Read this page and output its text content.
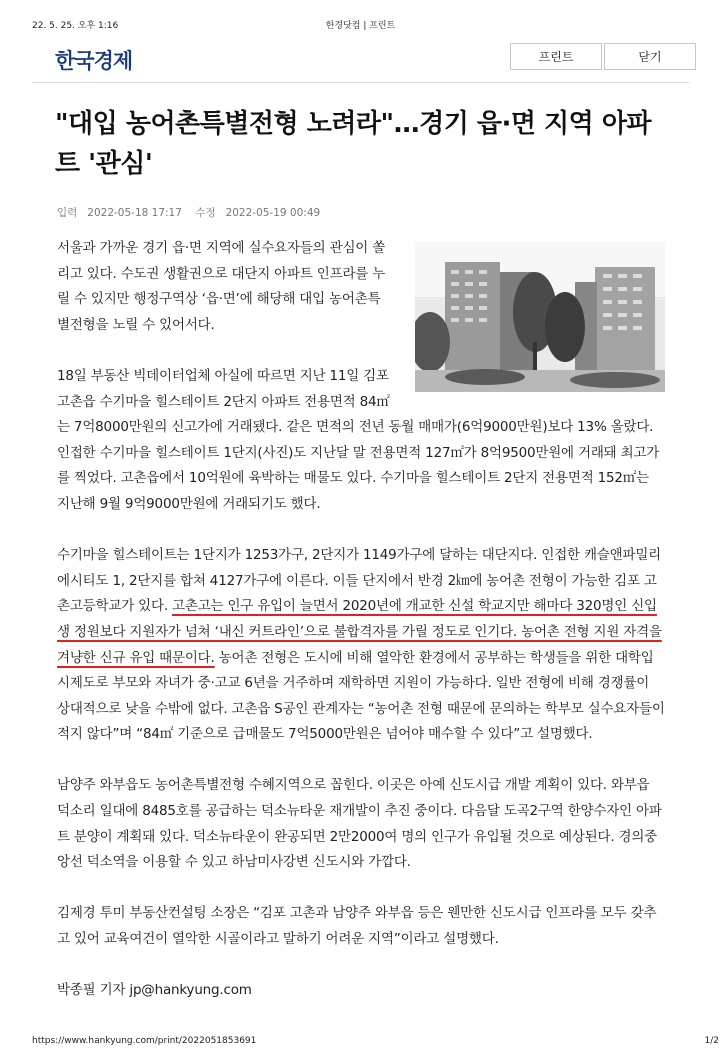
22. 5. 25. 오후 1:16	한경닷컴 | 프린트
한국경제	프린트	닫기
"대입 농어촌특별전형 노려라"…경기 읍·면 지역 아파트 '관심'
입력 2022-05-18 17:17 수정 2022-05-19 00:49

서울과 가까운 경기 읍·면 지역에 실수요자들의 관심이 쏠리고 있다. 수도권 생활권으로 대단지 아파트 인프라를 누릴 수 있지만 행정구역상 ‘읍·면’에 해당해 대입 농어촌특별전형을 노릴 수 있어서다.

18일 부동산 빅데이터업체 아실에 따르면 지난 11일 김포 고촌읍 수기마을 힐스테이트 2단지 아파트 전용면적 84㎡는 7억8000만원의 신고가에 거래됐다. 같은 면적의 전년 동월 매매가(6억9000만원)보다 13% 올랐다. 인접한 수기마을 힐스테이트 1단지(사진)도 지난달 말 전용면적 127㎡가 8억9500만원에 거래돼 최고가를 찍었다. 고촌읍에서 10억원에 육박하는 매물도 있다. 수기마을 힐스테이트 2단지 전용면적 152㎡는 지난해 9월 9억9000만원에 거래되기도 했다.

수기마을 힐스테이트는 1단지가 1253가구, 2단지가 1149가구에 달하는 대단지다. 인접한 캐슬앤파밀리에시티도 1, 2단지를 합쳐 4127가구에 이른다. 이들 단지에서 반경 2㎞에 농어촌 전형이 가능한 김포 고촌고등학교가 있다. 고촌고는 인구 유입이 늘면서 2020년에 개교한 신설 학교지만 해마다 320명인 신입생 정원보다 지원자가 넘쳐 ‘내신 커트라인’으로 불합격자를 가릴 정도로 인기다. 농어촌 전형 지원 자격을 겨냥한 신규 유입 때문이다. 농어촌 전형은 도시에 비해 열악한 환경에서 공부하는 학생들을 위한 대학입시제도로 부모와 자녀가 중·고교 6년을 거주하며 재학하면 지원이 가능하다. 일반 전형에 비해 경쟁률이 상대적으로 낮을 수밖에 없다. 고촌읍 S공인 관계자는 “농어촌 전형 때문에 문의하는 학부모 실수요자들이 적지 않다”며 “84㎡ 기준으로 급매물도 7억5000만원은 넘어야 매수할 수 있다”고 설명했다.

남양주 와부읍도 농어촌특별전형 수혜지역으로 꼽힌다. 이곳은 아예 신도시급 개발 계획이 있다. 와부읍 덕소리 일대에 8485호를 공급하는 덕소뉴타운 재개발이 추진 중이다. 다음달 도곡2구역 한양수자인 아파트 분양이 계획돼 있다. 덕소뉴타운이 완공되면 2만2000여 명의 인구가 유입될 것으로 예상된다. 경의중앙선 덕소역을 이용할 수 있고 하남미사강변 신도시와 가깝다.

김제경 투미 부동산컨설팅 소장은 “김포 고촌과 남양주 와부읍 등은 웬만한 신도시급 인프라를 모두 갖추고 있어 교육여건이 열악한 시골이라고 말하기 어려운 지역”이라고 설명했다.

박종필 기자 jp@hankyung.com

https://www.hankyung.com/print/2022051853691	1/2
